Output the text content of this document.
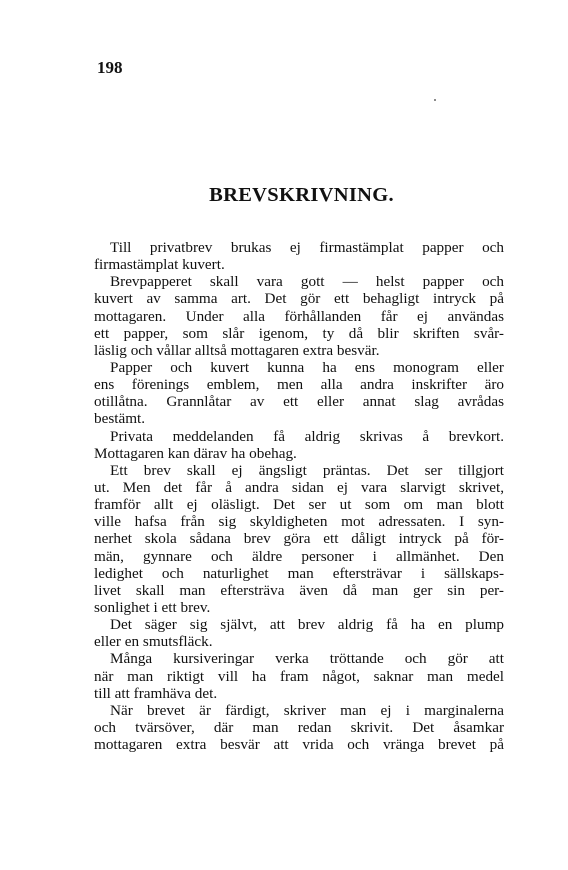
198
BREVSKRIVNING.
Till privatbrev brukas ej firmastämplat papper och
firmastämplat kuvert.
Brevpapperet skall vara gott — helst papper och
kuvert av samma art. Det gör ett behagligt intryck på
mottagaren. Under alla förhållanden får ej användas
ett papper, som slår igenom, ty då blir skriften svår-
läslig och vållar alltså mottagaren extra besvär.
Papper och kuvert kunna ha ens monogram eller
ens förenings emblem, men alla andra inskrifter äro
otillåtna. Grannlåtar av ett eller annat slag avrådas
bestämt.
Privata meddelanden få aldrig skrivas å brevkort.
Mottagaren kan därav ha obehag.
Ett brev skall ej ängsligt präntas. Det ser tillgjort
ut. Men det får å andra sidan ej vara slarvigt skrivet,
framför allt ej oläsligt. Det ser ut som om man blott
ville hafsa från sig skyldigheten mot adressaten. I syn-
nerhet skola sådana brev göra ett dåligt intryck på för-
män, gynnare och äldre personer i allmänhet. Den
ledighet och naturlighet man eftersträvar i sällskaps-
livet skall man eftersträva även då man ger sin per-
sonlighet i ett brev.
Det säger sig självt, att brev aldrig få ha en plump
eller en smutsfläck.
Många kursiveringar verka tröttande och gör att
när man riktigt vill ha fram något, saknar man medel
till att framhäva det.
När brevet är färdigt, skriver man ej i marginalerna
och tvärsöver, där man redan skrivit. Det åsamkar
mottagaren extra besvär att vrida och vränga brevet på
